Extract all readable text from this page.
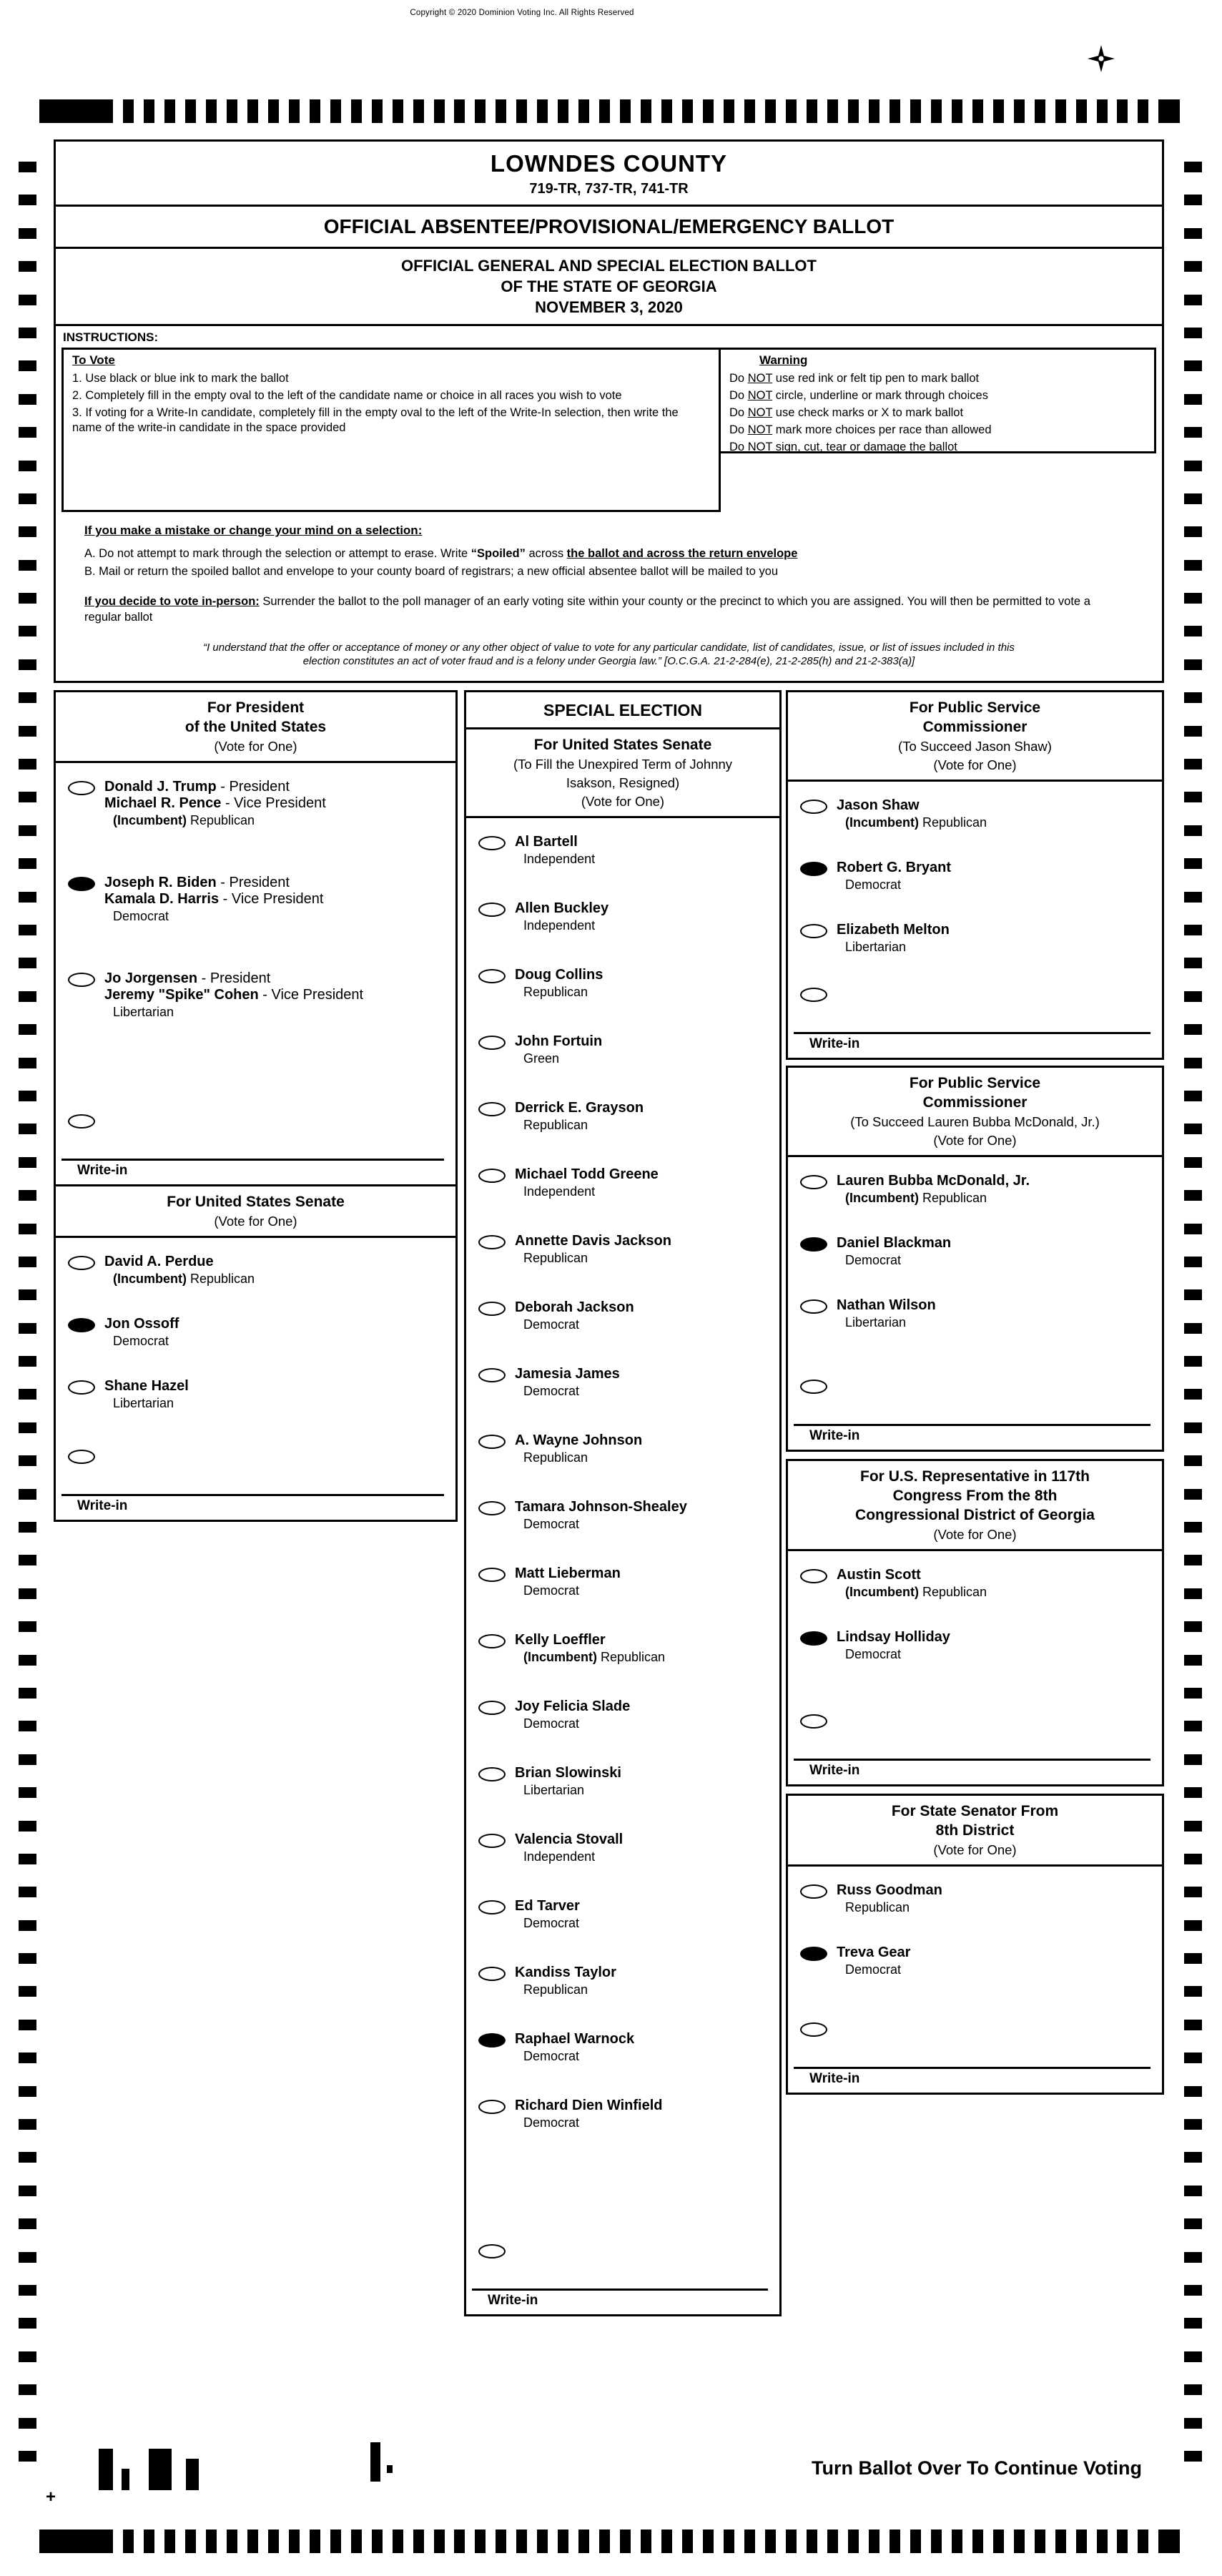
Copyright © 2020 Dominion Voting Inc. All Rights Reserved
LOWNDES COUNTY
719-TR, 737-TR, 741-TR
OFFICIAL ABSENTEE/PROVISIONAL/EMERGENCY BALLOT
OFFICIAL GENERAL AND SPECIAL ELECTION BALLOT
OF THE STATE OF GEORGIA
NOVEMBER 3, 2020
INSTRUCTIONS:
To Vote
1. Use black or blue ink to mark the ballot
2. Completely fill in the empty oval to the left of the candidate name or choice in all races you wish to vote
3. If voting for a Write-In candidate, completely fill in the empty oval to the left of the Write-In selection, then write the name of the write-in candidate in the space provided
Warning
Do NOT use red ink or felt tip pen to mark ballot
Do NOT circle, underline or mark through choices
Do NOT use check marks or X to mark ballot
Do NOT mark more choices per race than allowed
Do NOT sign, cut, tear or damage the ballot
If you make a mistake or change your mind on a selection:
A. Do not attempt to mark through the selection or attempt to erase. Write “Spoiled” across the ballot and across the return envelope
B. Mail or return the spoiled ballot and envelope to your county board of registrars; a new official absentee ballot will be mailed to you
If you decide to vote in-person: Surrender the ballot to the poll manager of an early voting site within your county or the precinct to which you are assigned. You will then be permitted to vote a regular ballot
“I understand that the offer or acceptance of money or any other object of value to vote for any particular candidate, list of candidates, issue, or list of issues included in this
election constitutes an act of voter fraud and is a felony under Georgia law.” [O.C.G.A. 21-2-284(e), 21-2-285(h) and 21-2-383(a)]
For President
of the United States
(Vote for One)
Donald J. Trump - President
Michael R. Pence - Vice President
(Incumbent) Republican
Joseph R. Biden - President
Kamala D. Harris - Vice President
Democrat
Jo Jorgensen - President
Jeremy "Spike" Cohen - Vice President
Libertarian
Write-in
For United States Senate
(Vote for One)
David A. Perdue
(Incumbent) Republican
Jon Ossoff
Democrat
Shane Hazel
Libertarian
Write-in
SPECIAL ELECTION
For United States Senate
(To Fill the Unexpired Term of Johnny
Isakson, Resigned)
(Vote for One)
Al Bartell
Independent
Allen Buckley
Independent
Doug Collins
Republican
John Fortuin
Green
Derrick E. Grayson
Republican
Michael Todd Greene
Independent
Annette Davis Jackson
Republican
Deborah Jackson
Democrat
Jamesia James
Democrat
A. Wayne Johnson
Republican
Tamara Johnson-Shealey
Democrat
Matt Lieberman
Democrat
Kelly Loeffler
(Incumbent) Republican
Joy Felicia Slade
Democrat
Brian Slowinski
Libertarian
Valencia Stovall
Independent
Ed Tarver
Democrat
Kandiss Taylor
Republican
Raphael Warnock
Democrat
Richard Dien Winfield
Democrat
Write-in
For Public Service
Commissioner
(To Succeed Jason Shaw)
(Vote for One)
Jason Shaw
(Incumbent) Republican
Robert G. Bryant
Democrat
Elizabeth Melton
Libertarian
Write-in
For Public Service
Commissioner
(To Succeed Lauren Bubba McDonald, Jr.)
(Vote for One)
Lauren Bubba McDonald, Jr.
(Incumbent) Republican
Daniel Blackman
Democrat
Nathan Wilson
Libertarian
Write-in
For U.S. Representative in 117th
Congress From the 8th
Congressional District of Georgia
(Vote for One)
Austin Scott
(Incumbent) Republican
Lindsay Holliday
Democrat
Write-in
For State Senator From
8th District
(Vote for One)
Russ Goodman
Republican
Treva Gear
Democrat
Write-in
Turn Ballot Over To Continue Voting
+
